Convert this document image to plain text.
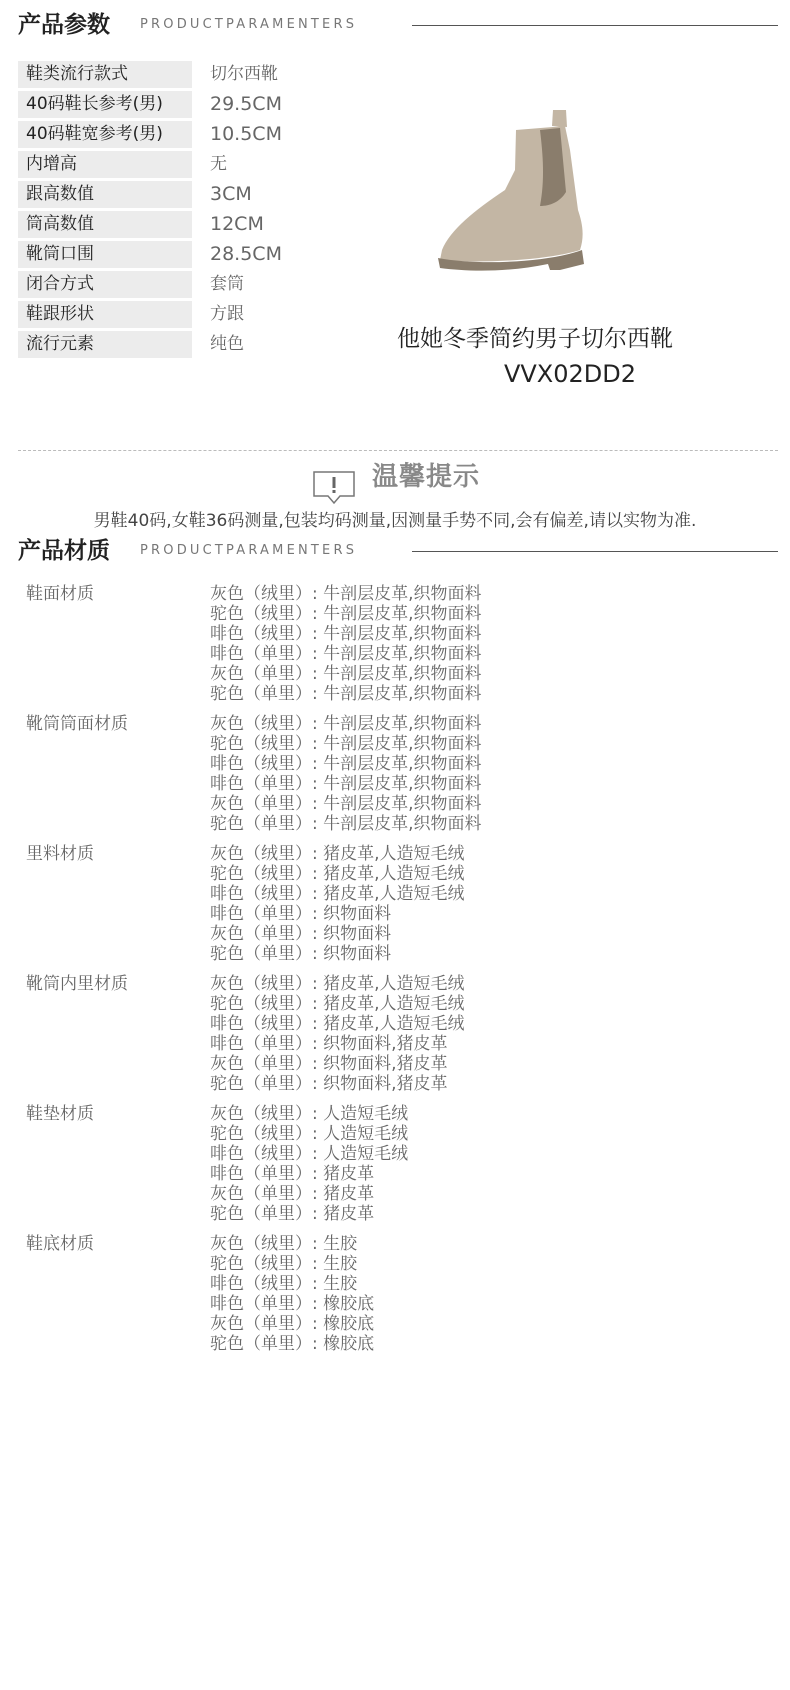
产品参数 PRODUCTPARAMENTERS
鞋类流行款式	切尔西靴
40码鞋长参考(男)	29.5CM
40码鞋宽参考(男)	10.5CM
内增高	无
跟高数值	3CM
筒高数值	12CM
靴筒口围	28.5CM
闭合方式	套筒
鞋跟形状	方跟
流行元素	纯色	他她冬季简约男子切尔西靴
VVX02DD2
温馨提示
男鞋40码,女鞋36码测量,包装均码测量,因测量手势不同,会有偏差,请以实物为准.
产品材质 PRODUCTPARAMENTERS
鞋面材质	灰色（绒里）: 牛剖层皮革,织物面料
驼色（绒里）: 牛剖层皮革,织物面料
啡色（绒里）: 牛剖层皮革,织物面料
啡色（单里）: 牛剖层皮革,织物面料
灰色（单里）: 牛剖层皮革,织物面料
驼色（单里）: 牛剖层皮革,织物面料
靴筒筒面材质	灰色（绒里）: 牛剖层皮革,织物面料
驼色（绒里）: 牛剖层皮革,织物面料
啡色（绒里）: 牛剖层皮革,织物面料
啡色（单里）: 牛剖层皮革,织物面料
灰色（单里）: 牛剖层皮革,织物面料
驼色（单里）: 牛剖层皮革,织物面料
里料材质	灰色（绒里）: 猪皮革,人造短毛绒
驼色（绒里）: 猪皮革,人造短毛绒
啡色（绒里）: 猪皮革,人造短毛绒
啡色（单里）: 织物面料
灰色（单里）: 织物面料
驼色（单里）: 织物面料
靴筒内里材质	灰色（绒里）: 猪皮革,人造短毛绒
驼色（绒里）: 猪皮革,人造短毛绒
啡色（绒里）: 猪皮革,人造短毛绒
啡色（单里）: 织物面料,猪皮革
灰色（单里）: 织物面料,猪皮革
驼色（单里）: 织物面料,猪皮革
鞋垫材质	灰色（绒里）: 人造短毛绒
驼色（绒里）: 人造短毛绒
啡色（绒里）: 人造短毛绒
啡色（单里）: 猪皮革
灰色（单里）: 猪皮革
驼色（单里）: 猪皮革
鞋底材质	灰色（绒里）: 生胶
驼色（绒里）: 生胶
啡色（绒里）: 生胶
啡色（单里）: 橡胶底
灰色（单里）: 橡胶底
驼色（单里）: 橡胶底
